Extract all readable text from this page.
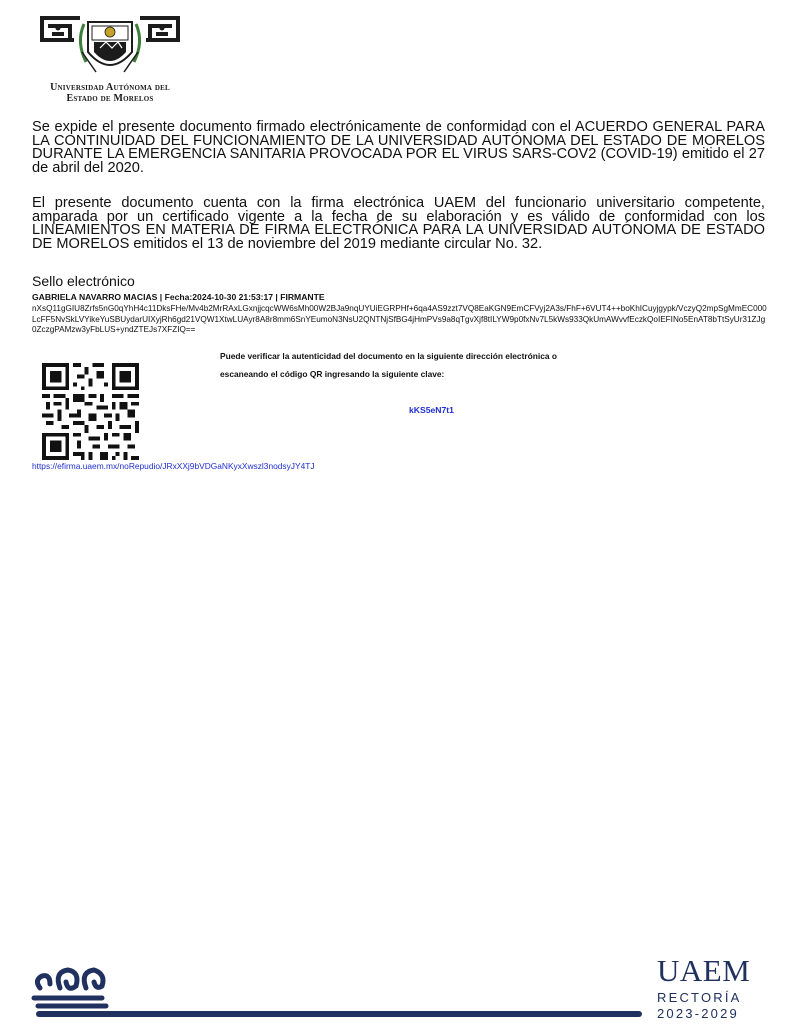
Universidad Autónoma del
Estado de Morelos
Se expide el presente documento firmado electrónicamente de conformidad con el ACUERDO GENERAL PARA LA CONTINUIDAD DEL FUNCIONAMIENTO DE LA UNIVERSIDAD AUTÓNOMA DEL ESTADO DE MORELOS DURANTE LA EMERGENCIA SANITARIA PROVOCADA POR EL VIRUS SARS-COV2 (COVID-19) emitido el 27 de abril del 2020.
El presente documento cuenta con la firma electrónica UAEM del funcionario universitario competente, amparada por un certificado vigente a la fecha de su elaboración y es válido de conformidad con los LINEAMIENTOS EN MATERIA DE FIRMA ELECTRÓNICA PARA LA UNIVERSIDAD AUTÓNOMA DE ESTADO DE MORELOS emitidos el 13 de noviembre del 2019 mediante circular No. 32.
Sello electrónico
GABRIELA NAVARRO MACIAS | Fecha:2024-10-30 21:53:17 | FIRMANTE
nXsQ11gGIU8Zrfs5nG0qYhH4c11DksFHe/Mv4b2MrRAxLGxnjjcqcWW6sMh00W2BJa9nqUYUiEGRPHf+6qa4AS9zzt7VQ8EaKGN9EmCFVyj2A3s/FhF+6VUT4++boKhICuyjgypk/VczyQ2mpSgMmEC000LcFF5NvSkLVYikeYuSBUydarUIXyjRh6gd21VQW1XtwLUAyr8A8r8mm6SnYEumoN3NsU2QNTNjSfBG4jHmPVs9a8qTgvXjf8tILYW9p0fxNv7L5kWs933QkUmAWvvfEczkQoIEFINo5EnAT8bTtSyUr31ZJg0ZczgPAMzw3yFbLUS+yndZTEJs7XFZIQ==
Puede verificar la autenticidad del documento en la siguiente dirección electrónica o
escaneando el código QR ingresando la siguiente clave:
kKS5eN7t1
https://efirma.uaem.mx/noRepudio/JRxXXj9bVDGaNKyxXwszl3nodsyJY4TJ
UAEM
RECTORÍA
2023-2029
